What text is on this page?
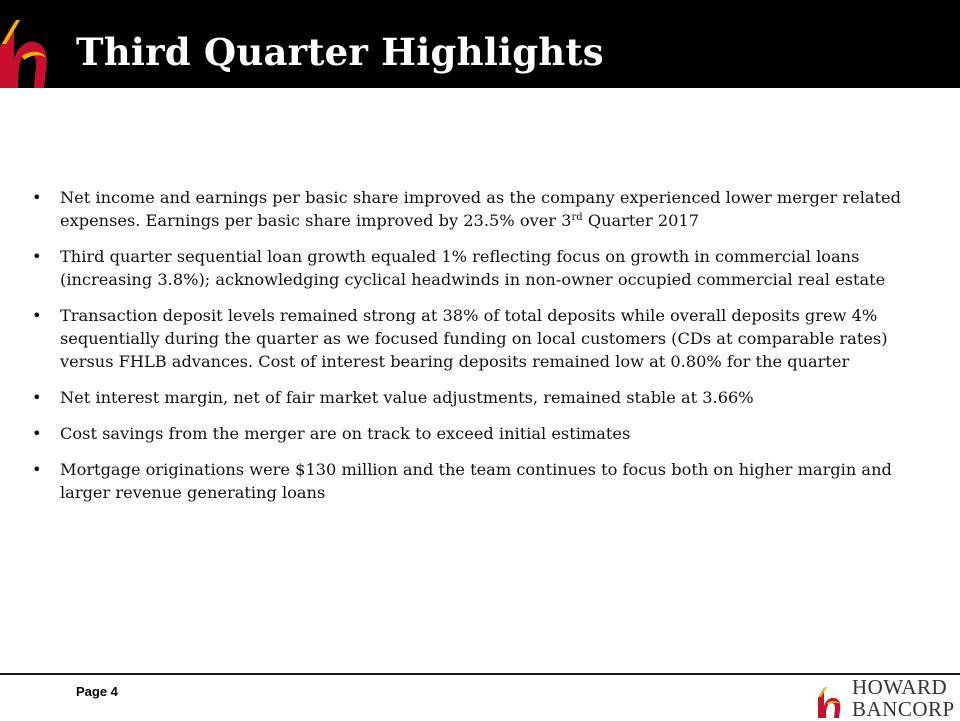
Third Quarter Highlights
•	Net income and earnings per basic share improved as the company experienced lower merger related expenses. Earnings per basic share improved by 23.5% over 3rd Quarter 2017
•	Third quarter sequential loan growth equaled 1% reflecting focus on growth in commercial loans (increasing 3.8%); acknowledging cyclical headwinds in non-owner occupied commercial real estate
•	Transaction deposit levels remained strong at 38% of total deposits while overall deposits grew 4% sequentially during the quarter as we focused funding on local customers (CDs at comparable rates) versus FHLB advances. Cost of interest bearing deposits remained low at 0.80% for the quarter
•	Net interest margin, net of fair market value adjustments, remained stable at 3.66%
•	Cost savings from the merger are on track to exceed initial estimates
•	Mortgage originations were $130 million and the team continues to focus both on higher margin and larger revenue generating loans
Page 4	HOWARD
BANCORP
